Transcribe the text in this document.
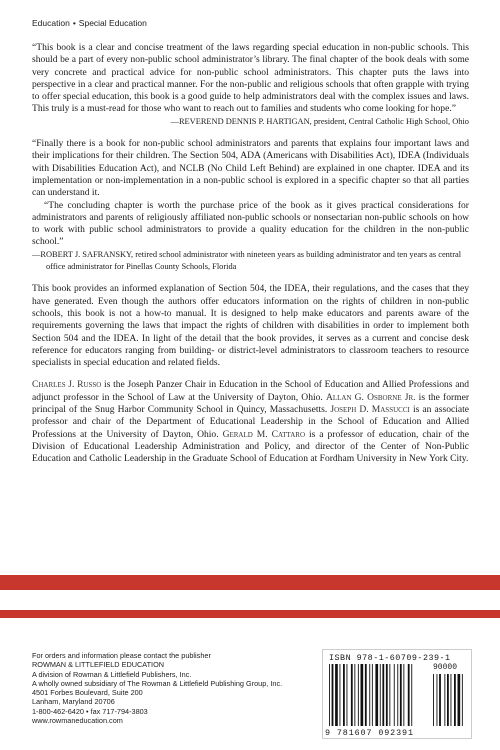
Education • Special Education

“This book is a clear and concise treatment of the laws regarding special education in non-public schools. This should be a part of every non-public school administrator’s library. The final chapter of the book deals with some very concrete and practical advice for non-public school administrators. This chapter puts the laws into perspective in a clear and practical manner. For the non-public and religious schools that often grapple with trying to offer special education, this book is a good guide to help administrators deal with the complex issues and laws. This truly is a must-read for those who want to reach out to families and students who come looking for hope.”

—REVEREND DENNIS P. HARTIGAN, president, Central Catholic High School, Ohio

“Finally there is a book for non-public school administrators and parents that explains four important laws and their implications for their children. The Section 504, ADA (Americans with Disabilities Act), IDEA (Individuals with Disabilities Education Act), and NCLB (No Child Left Behind) are explained in one chapter. IDEA and its implementation or non-implementation in a non-public school is explored in a specific chapter so that all parties can understand it.

“The concluding chapter is worth the purchase price of the book as it gives practical considerations for administrators and parents of religiously affiliated non-public schools or nonsectarian non-public schools on how to work with public school administrators to provide a quality education for the children in the non-public school.”

—ROBERT J. SAFRANSKY, retired school administrator with nineteen years as building administrator and ten years as central office administrator for Pinellas County Schools, Florida

This book provides an informed explanation of Section 504, the IDEA, their regulations, and the cases that they have generated. Even though the authors offer educators information on the rights of children in non-public schools, this book is not a how-to manual. It is designed to help make educators and parents aware of the requirements governing the laws that impact the rights of children with disabilities in order to implement both Section 504 and the IDEA. In light of the detail that the book provides, it serves as a current and concise desk reference for educators ranging from building- or district-level administrators to classroom teachers to resource specialists in special education and related fields.

Charles J. Russo is the Joseph Panzer Chair in Education in the School of Education and Allied Professions and adjunct professor in the School of Law at the University of Dayton, Ohio. Allan G. Osborne Jr. is the former principal of the Snug Harbor Community School in Quincy, Massachusetts. Joseph D. Massucci is an associate professor and chair of the Department of Educational Leadership in the School of Education and Allied Professions at the University of Dayton, Ohio. Gerald M. Cattaro is a professor of education, chair of the Division of Educational Leadership Administration and Policy, and director of the Center of Non-Public Education and Catholic Leadership in the Graduate School of Education at Fordham University in New York City.

For orders and information please contact the publisher
ROWMAN & LITTLEFIELD EDUCATION
A division of Rowman & Littlefield Publishers, Inc.
A wholly owned subsidiary of The Rowman & Littlefield Publishing Group, Inc.
4501 Forbes Boulevard, Suite 200
Lanham, Maryland 20706
1-800-462-6420 • fax 717-794-3803
www.rowmaneducation.com
ISBN 978-1-60709-239-1
90000
9 781607 092391
